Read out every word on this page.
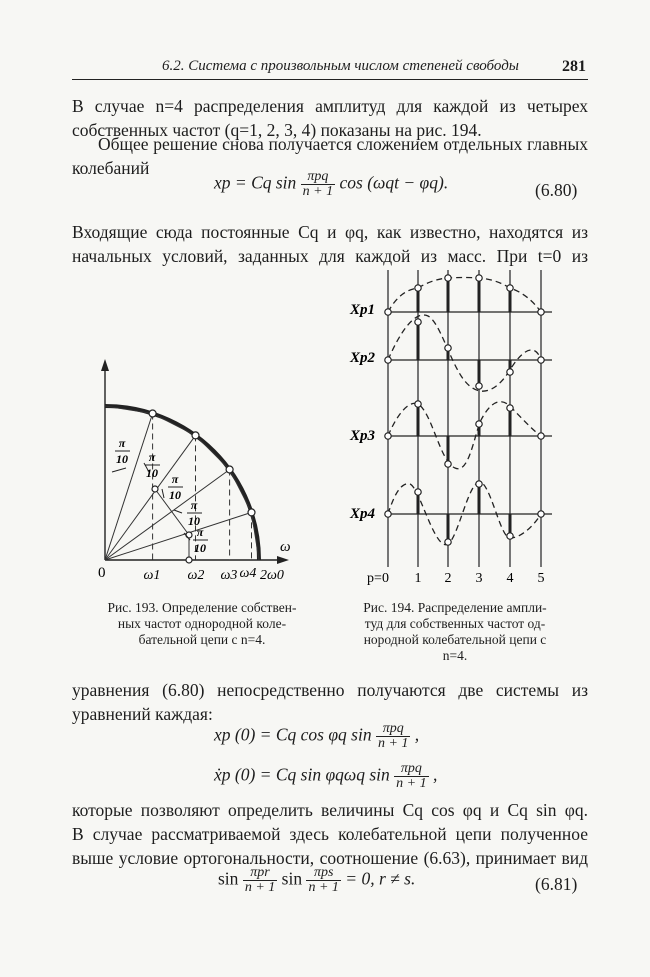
6.2. Система с произвольным числом степеней свободы	281
В случае n=4 распределения амплитуд для каждой из четырех
собственных частот (q=1, 2, 3, 4) показаны на рис. 194.
Общее решение снова получается сложением отдельных главных
колебаний
xp = Cq $\sin \frac{\text{πpq}}{n + 1}$ cos (ωqt − φq).	(6.80)
Входящие сюда постоянные Cq и φq, как известно, находятся из
начальных условий, заданных для каждой из масс. При t=0 из
π
10 π
10 π
10
π
10
π
10	ω
0	ω1 ω2 ω3 ω4 2ω0
Рис. 193. Определение собствен-
ных частот однородной коле-
бательной цепи с n=4.
Xp1
Xp2
Xp3
Xp4
p=0 1 2 3 4 5
Рис. 194. Распределение ампли-
туд для собственных частот од-
нородной колебательной цепи с
n=4.
уравнения (6.80) непосредственно получаются две системы из
уравнений каждая:
xp (0) = Cq cos φq $\sin \frac{\text{πpq}}{n + 1}$ ,
ẋp (0) = Cq sin φqωq $\sin \frac{\text{πpq}}{n + 1}$ ,
которые позволяют определить величины Cq cos φq и Cq sin φq.
В случае рассматриваемой здесь колебательной цепи полученное
выше условие ортогональности, соотношение (6.63), принимает вид
$\sin \frac{\text{πpr}}{n + 1}$ $\sin \frac{\text{πps}}{n + 1} = 0$, r ≠ s.	(6.81)
